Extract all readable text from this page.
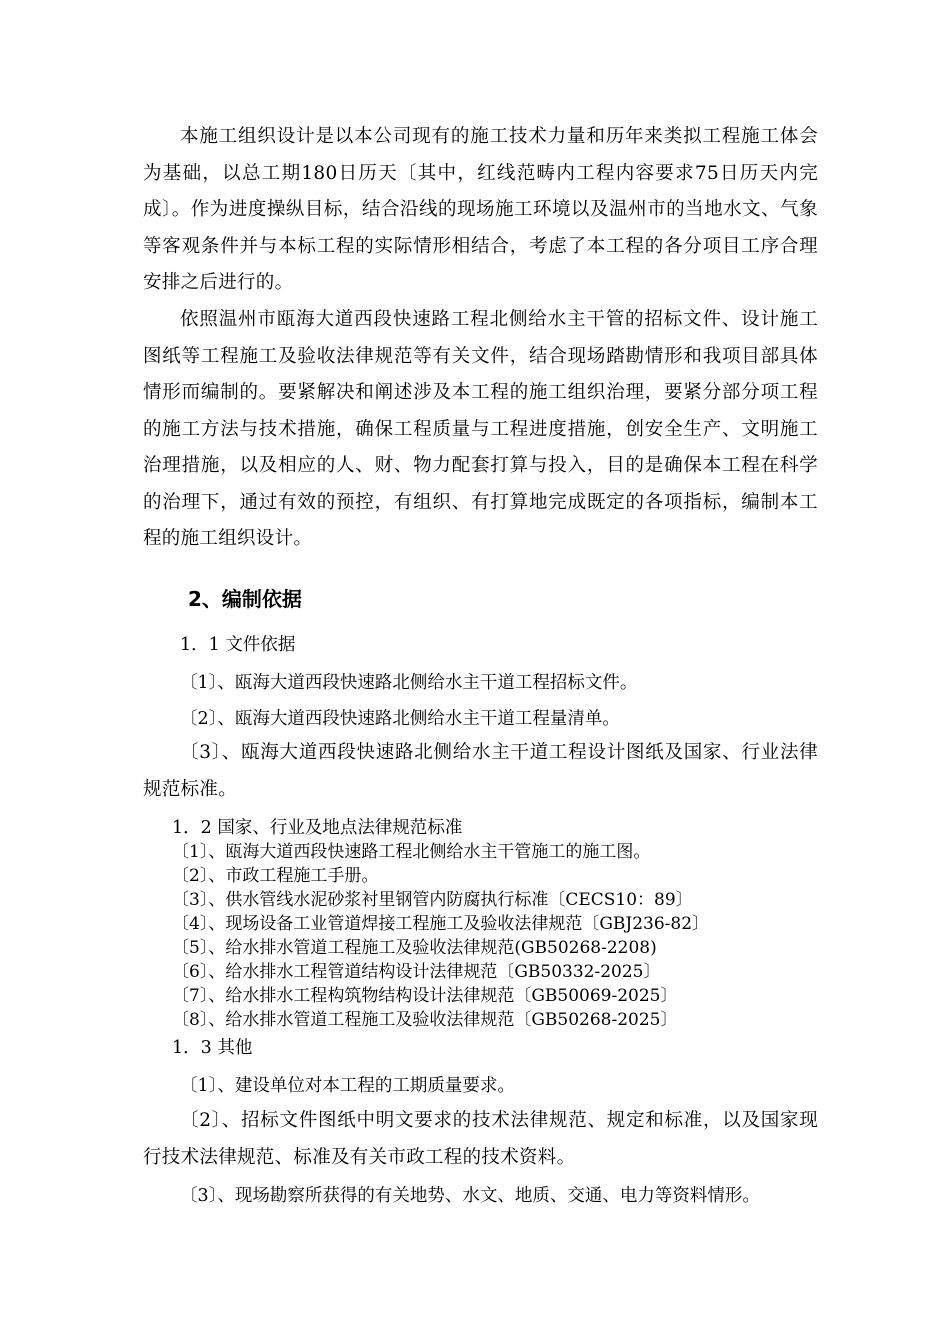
本施工组织设计是以本公司现有的施工技术力量和历年来类拟工程施工体会为基础，以总工期180日历天〔其中，红线范畴内工程内容要求75日历天内完成〕。作为进度操纵目标，结合沿线的现场施工环境以及温州市的当地水文、气象等客观条件并与本标工程的实际情形相结合，考虑了本工程的各分项目工序合理安排之后进行的。

依照温州市瓯海大道西段快速路工程北侧给水主干管的招标文件、设计施工图纸等工程施工及验收法律规范等有关文件，结合现场踏勘情形和我项目部具体情形而编制的。要紧解决和阐述涉及本工程的施工组织治理，要紧分部分项工程的施工方法与技术措施，确保工程质量与工程进度措施，创安全生产、文明施工治理措施，以及相应的人、财、物力配套打算与投入，目的是确保本工程在科学的治理下，通过有效的预控，有组织、有打算地完成既定的各项指标，编制本工程的施工组织设计。

2、编制依据

1．1 文件依据

〔1〕、瓯海大道西段快速路北侧给水主干道工程招标文件。

〔2〕、瓯海大道西段快速路北侧给水主干道工程量清单。

〔3〕、瓯海大道西段快速路北侧给水主干道工程设计图纸及国家、行业法律规范标准。

1．2 国家、行业及地点法律规范标准

〔1〕、瓯海大道西段快速路工程北侧给水主干管施工的施工图。

〔2〕、市政工程施工手册。

〔3〕、供水管线水泥砂浆衬里钢管内防腐执行标准〔CECS10：89〕

〔4〕、现场设备工业管道焊接工程施工及验收法律规范〔GBJ236-82〕

〔5〕、给水排水管道工程施工及验收法律规范(GB50268-2208)

〔6〕、给水排水工程管道结构设计法律规范〔GB50332-2025〕

〔7〕、给水排水工程构筑物结构设计法律规范〔GB50069-2025〕

〔8〕、给水排水管道工程施工及验收法律规范〔GB50268-2025〕

1．3 其他

〔1〕、建设单位对本工程的工期质量要求。

〔2〕、招标文件图纸中明文要求的技术法律规范、规定和标准，以及国家现行技术法律规范、标准及有关市政工程的技术资料。

〔3〕、现场勘察所获得的有关地势、水文、地质、交通、电力等资料情形。
